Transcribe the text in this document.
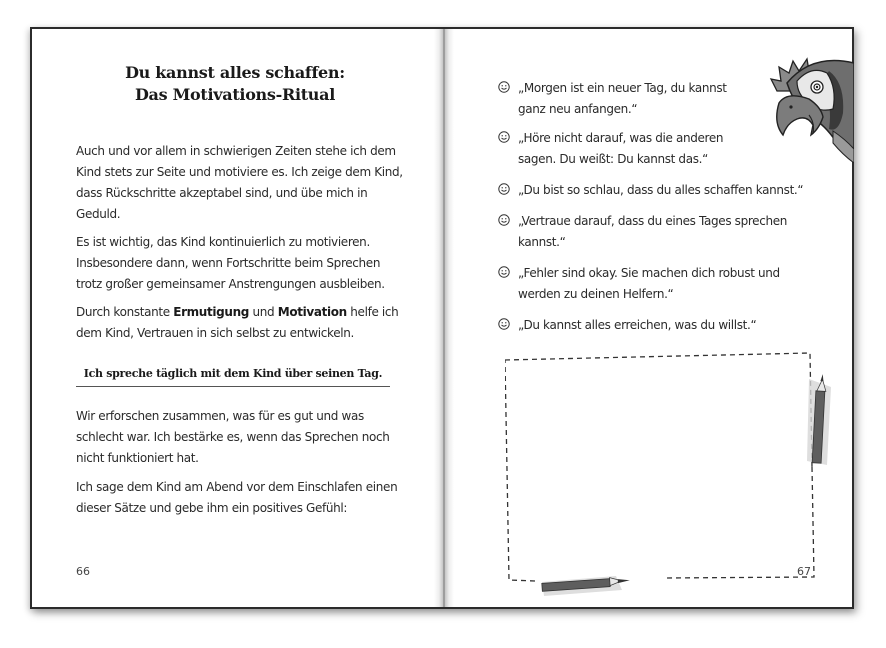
Du kannst alles schaffen:
Das Motivations-Ritual
Auch und vor allem in schwierigen Zeiten stehe ich dem Kind stets zur Seite und motiviere es. Ich zeige dem Kind, dass Rückschritte akzeptabel sind, und übe mich in Geduld.
Es ist wichtig, das Kind kontinuierlich zu motivieren. Insbesondere dann, wenn Fortschritte beim Sprechen trotz großer gemeinsamer Anstrengungen ausbleiben.
Durch konstante Ermutigung und Motivation helfe ich dem Kind, Vertrauen in sich selbst zu entwickeln.
Ich spreche täglich mit dem Kind über seinen Tag.
Wir erforschen zusammen, was für es gut und was schlecht war. Ich bestärke es, wenn das Sprechen noch nicht funktioniert hat.
Ich sage dem Kind am Abend vor dem Einschlafen einen dieser Sätze und gebe ihm ein positives Gefühl:
66
„Morgen ist ein neuer Tag, du kannst ganz neu anfangen.“
„Höre nicht darauf, was die anderen sagen. Du weißt: Du kannst das.“
„Du bist so schlau, dass du alles schaffen kannst.“
„Vertraue darauf, dass du eines Tages sprechen kannst.“
„Fehler sind okay. Sie machen dich robust und werden zu deinen Helfern.“
„Du kannst alles erreichen, was du willst.“
67
